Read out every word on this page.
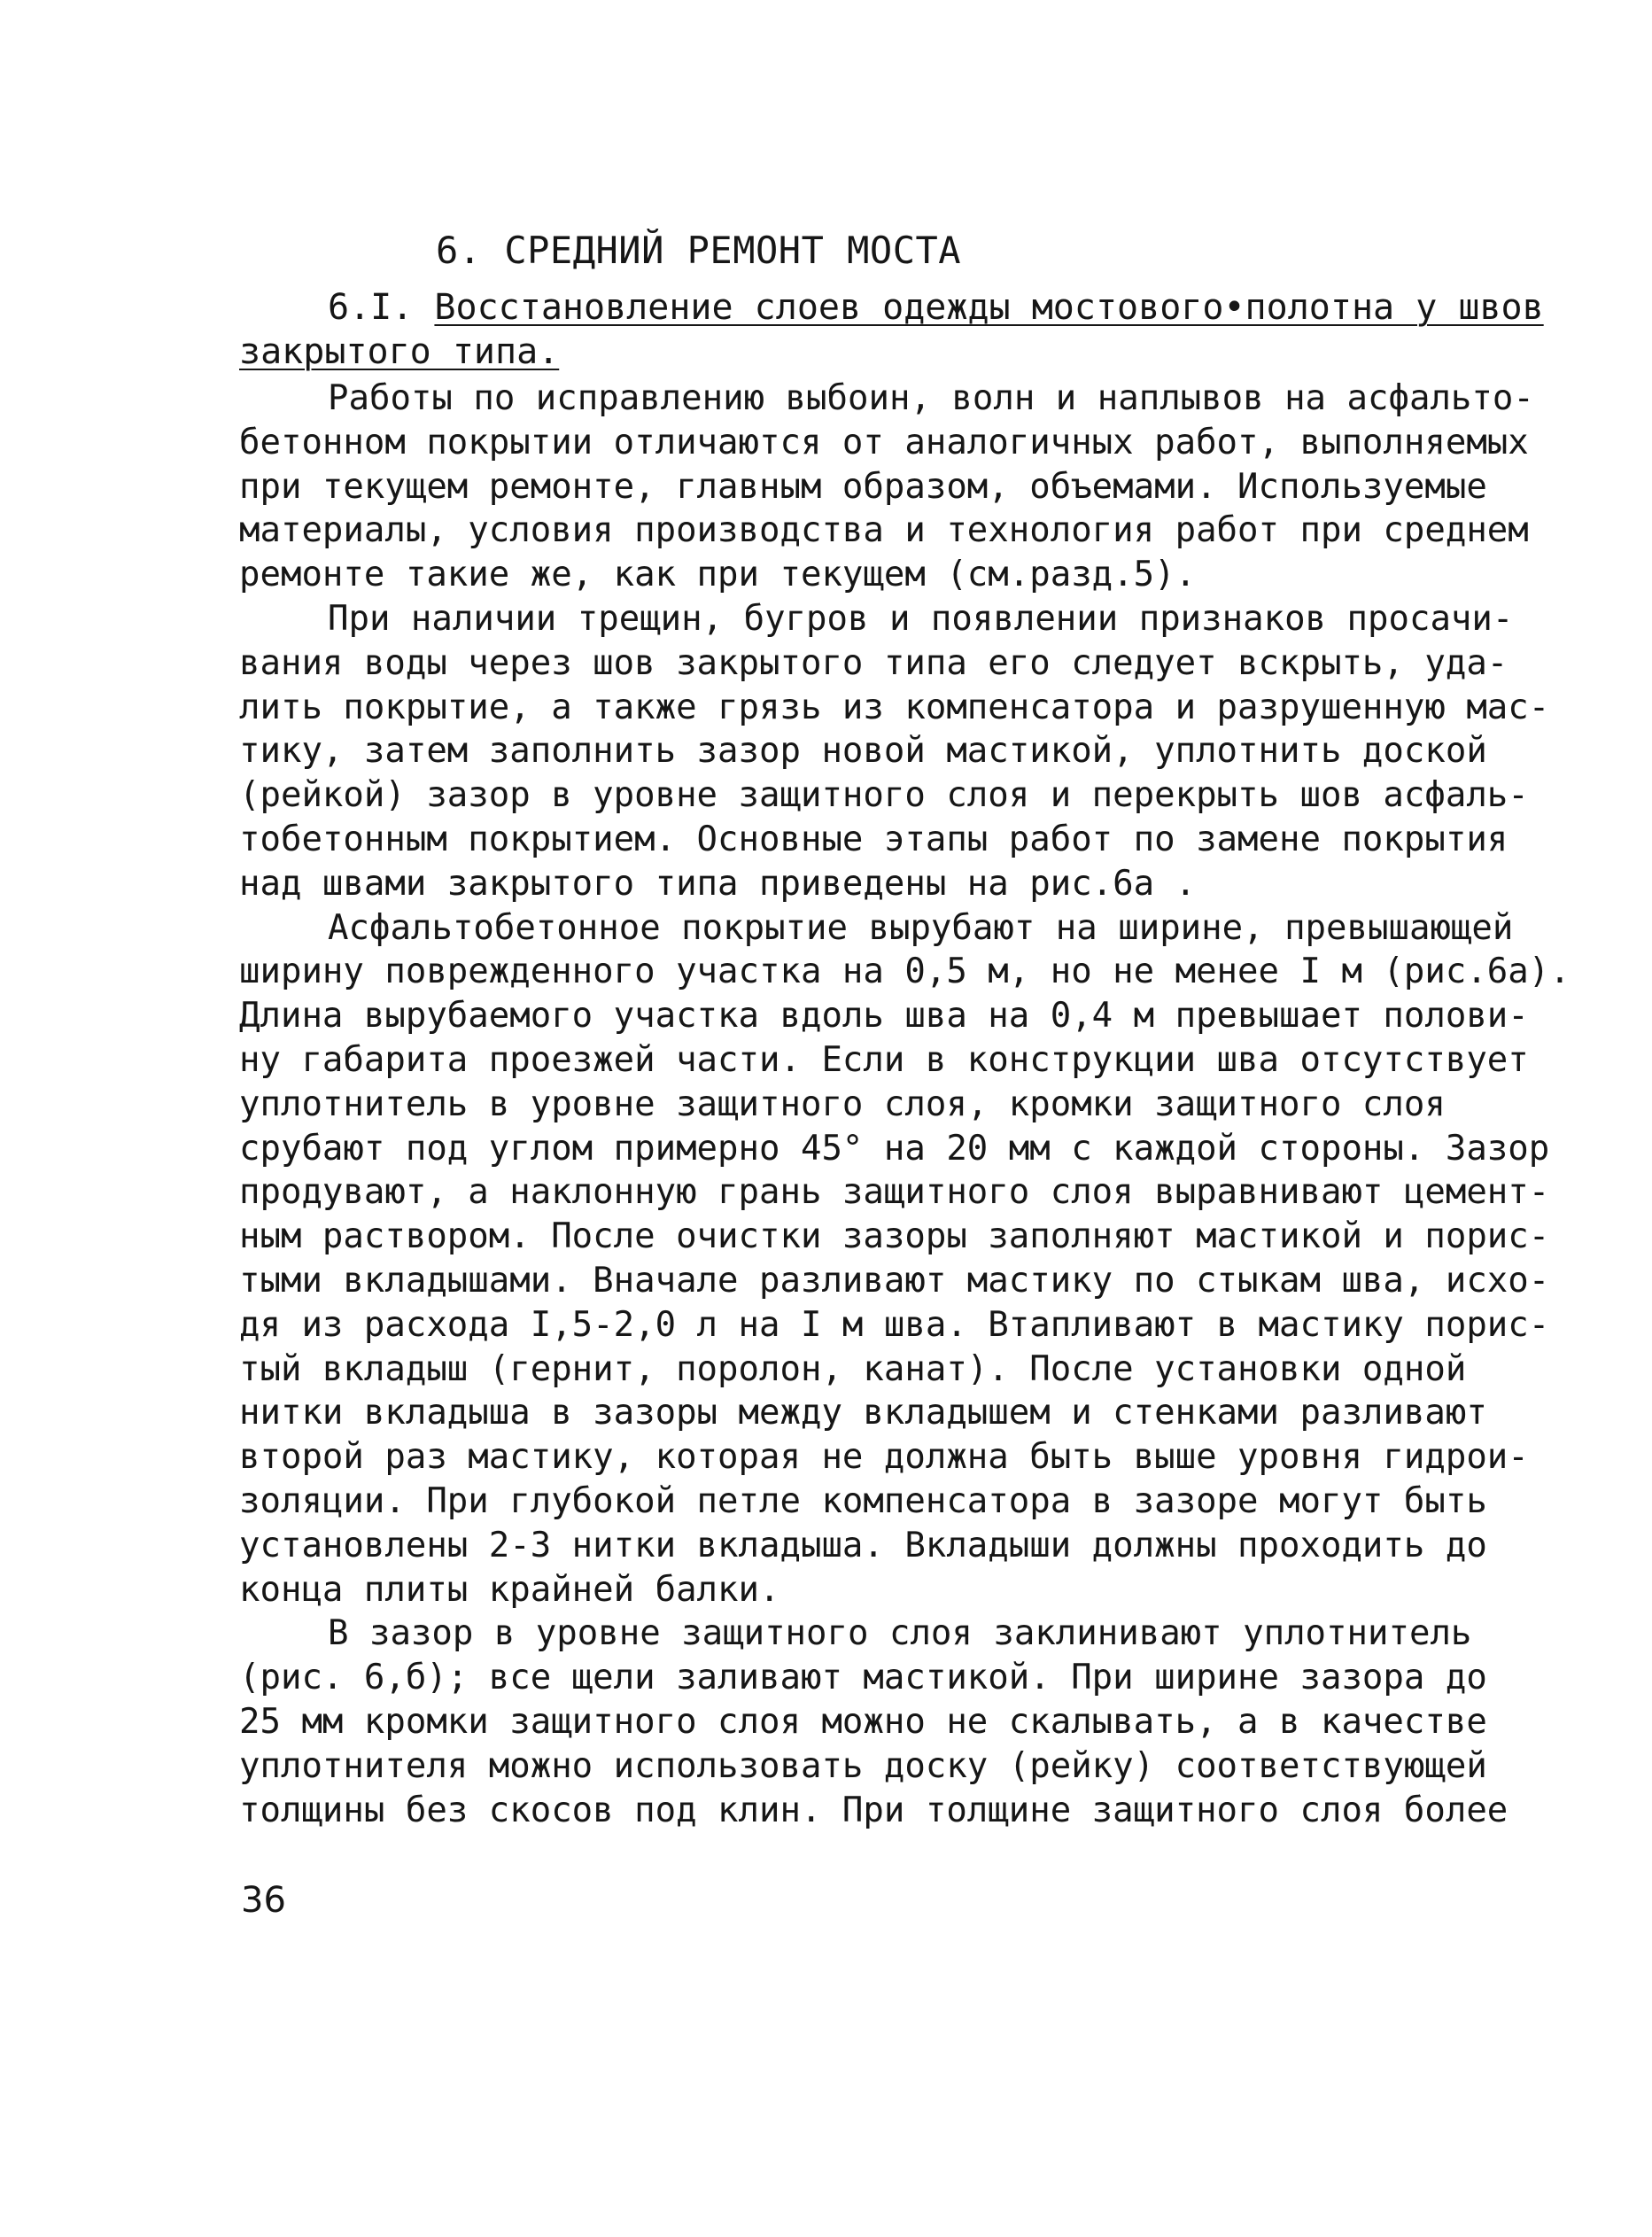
6. СРЕДНИЙ РЕМОНТ МОСТА
6.I. Восстановление слоев одежды мостового•полотна у швов
закрытого типа.
Работы по исправлению выбоин, волн и наплывов на асфальто-
бетонном покрытии отличаются от аналогичных работ, выполняемых
при текущем ремонте, главным образом, объемами. Используемые
материалы, условия производства и технология работ при среднем
ремонте такие же, как при текущем (см.разд.5).
При наличии трещин, бугров и появлении признаков просачи-
вания воды через шов закрытого типа его следует вскрыть, уда-
лить покрытие, а также грязь из компенсатора и разрушенную мас-
тику, затем заполнить зазор новой мастикой, уплотнить доской
(рейкой) зазор в уровне защитного слоя и перекрыть шов асфаль-
тобетонным покрытием. Основные этапы работ по замене покрытия
над швами закрытого типа приведены на рис.6а .
Асфальтобетонное покрытие вырубают на ширине, превышающей
ширину поврежденного участка на 0,5 м, но не менее I м (рис.6а).
Длина вырубаемого участка вдоль шва на 0,4 м превышает полови-
ну габарита проезжей части. Если в конструкции шва отсутствует
уплотнитель в уровне защитного слоя, кромки защитного слоя
срубают под углом примерно 45° на 20 мм с каждой стороны. Зазор
продувают, а наклонную грань защитного слоя выравнивают цемент-
ным раствором. После очистки зазоры заполняют мастикой и порис-
тыми вкладышами. Вначале разливают мастику по стыкам шва, исхо-
дя из расхода I,5-2,0 л на I м шва. Втапливают в мастику порис-
тый вкладыш (гернит, поролон, канат). После установки одной
нитки вкладыша в зазоры между вкладышем и стенками разливают
второй раз мастику, которая не должна быть выше уровня гидрои-
золяции. При глубокой петле компенсатора в зазоре могут быть
установлены 2-3 нитки вкладыша. Вкладыши должны проходить до
конца плиты крайней балки.
В зазор в уровне защитного слоя заклинивают уплотнитель
(рис. 6,б); все щели заливают мастикой. При ширине зазора до
25 мм кромки защитного слоя можно не скалывать, а в качестве
уплотнителя можно использовать доску (рейку) соответствующей
толщины без скосов под клин. При толщине защитного слоя более
36
